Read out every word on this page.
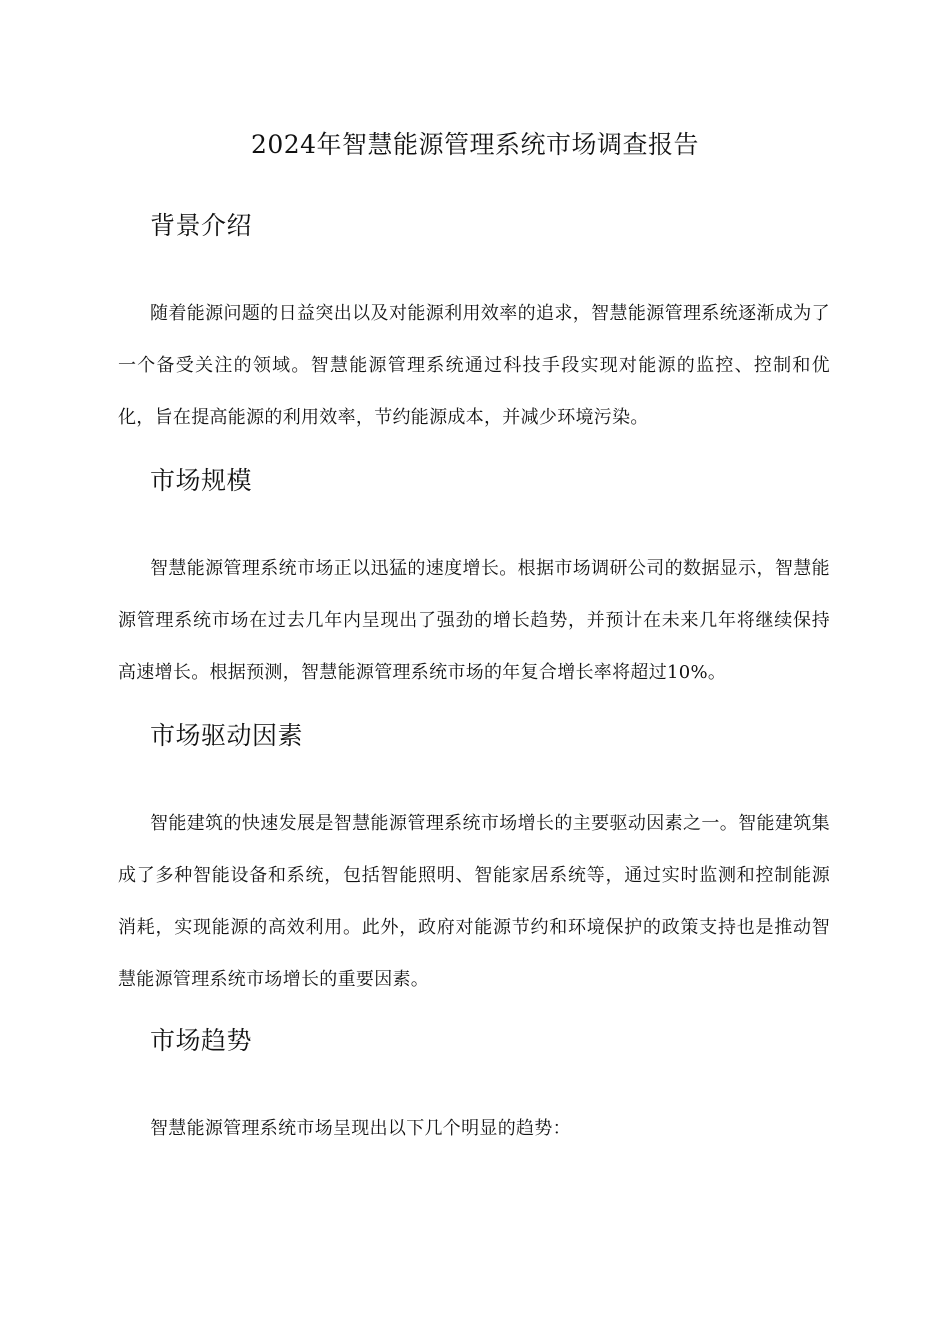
2024年智慧能源管理系统市场调查报告
背景介绍

随着能源问题的日益突出以及对能源利用效率的追求，智慧能源管理系统逐渐成为了一个备受关注的领域。智慧能源管理系统通过科技手段实现对能源的监控、控制和优化，旨在提高能源的利用效率，节约能源成本，并减少环境污染。

市场规模

智慧能源管理系统市场正以迅猛的速度增长。根据市场调研公司的数据显示，智慧能源管理系统市场在过去几年内呈现出了强劲的增长趋势，并预计在未来几年将继续保持高速增长。根据预测，智慧能源管理系统市场的年复合增长率将超过10%。

市场驱动因素

智能建筑的快速发展是智慧能源管理系统市场增长的主要驱动因素之一。智能建筑集成了多种智能设备和系统，包括智能照明、智能家居系统等，通过实时监测和控制能源消耗，实现能源的高效利用。此外，政府对能源节约和环境保护的政策支持也是推动智慧能源管理系统市场增长的重要因素。

市场趋势

智慧能源管理系统市场呈现出以下几个明显的趋势：
